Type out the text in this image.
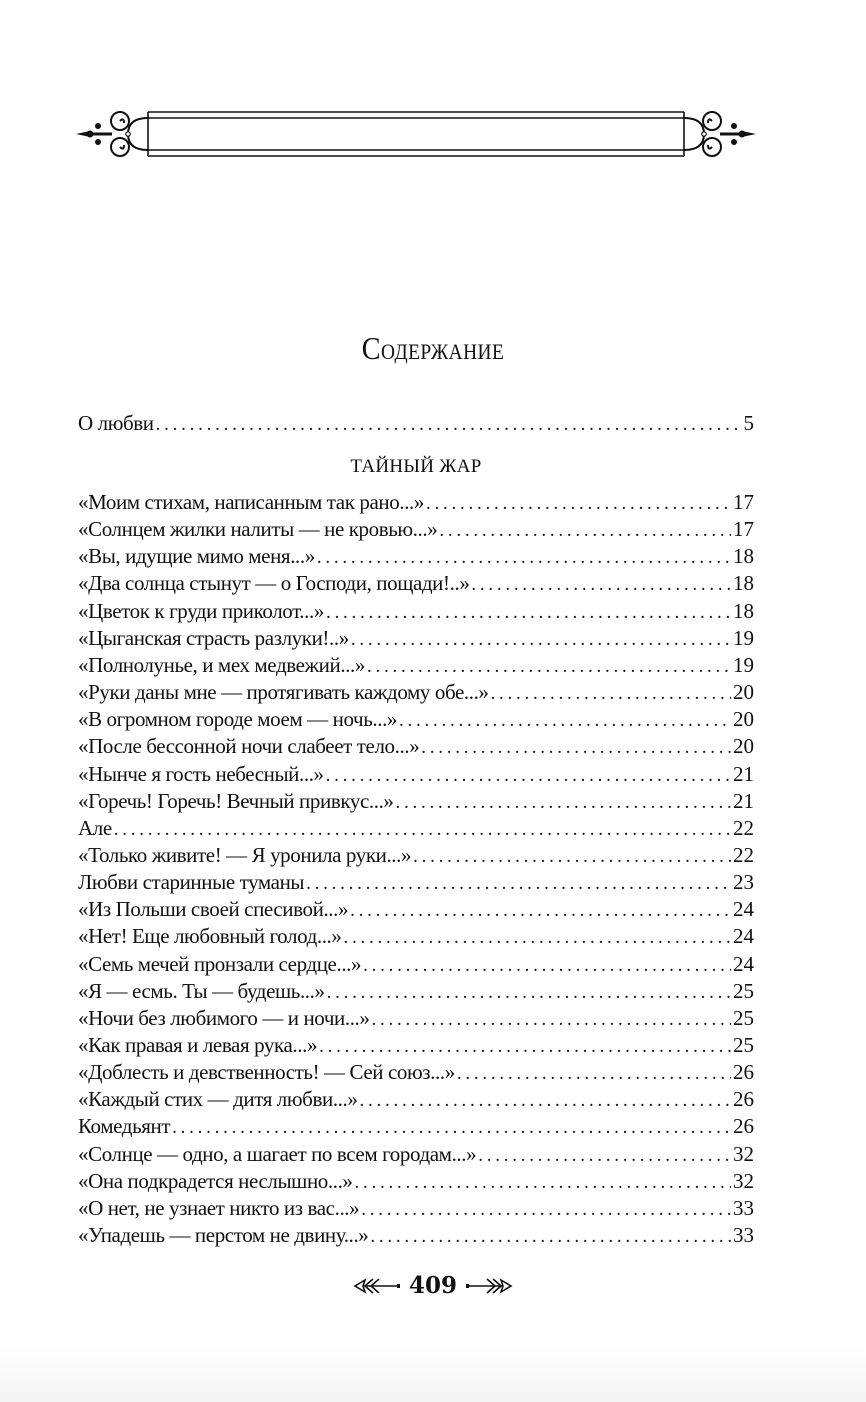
Содержание
О любви . . .	5
ТАЙНЫЙ ЖАР
«Моим стихам, написанным так рано...» . . .	17
«Солнцем жилки налиты — не кровью...» . . .	17
«Вы, идущие мимо меня...» . . .	18
«Два солнца стынут — о Господи, пощади!..» . . .	18
«Цветок к груди приколот...» . . .	18
«Цыганская страсть разлуки!..» . . .	19
«Полнолунье, и мех медвежий...» . . .	19
«Руки даны мне — протягивать каждому обе...» . . .	20
«В огромном городе моем — ночь...» . . .	20
«После бессонной ночи слабеет тело...» . . .	20
«Нынче я гость небесный...» . . .	21
«Горечь! Горечь! Вечный привкус...» . . .	21
Але . . .	22
«Только живите! — Я уронила руки...» . . .	22
Любви старинные туманы . . .	23
«Из Польши своей спесивой...» . . .	24
«Нет! Еще любовный голод...» . . .	24
«Семь мечей пронзали сердце...» . . .	24
«Я — есмь. Ты — будешь...» . . .	25
«Ночи без любимого — и ночи...» . . .	25
«Как правая и левая рука...» . . .	25
«Доблесть и девственность! — Сей союз...» . . .	26
«Каждый стих — дитя любви...» . . .	26
Комедьянт . . .	26
«Солнце — одно, а шагает по всем городам...» . . .	32
«Она подкрадется неслышно...» . . .	32
«О нет, не узнает никто из вас...» . . .	33
«Упадешь — перстом не двину...» . . .	33
409
